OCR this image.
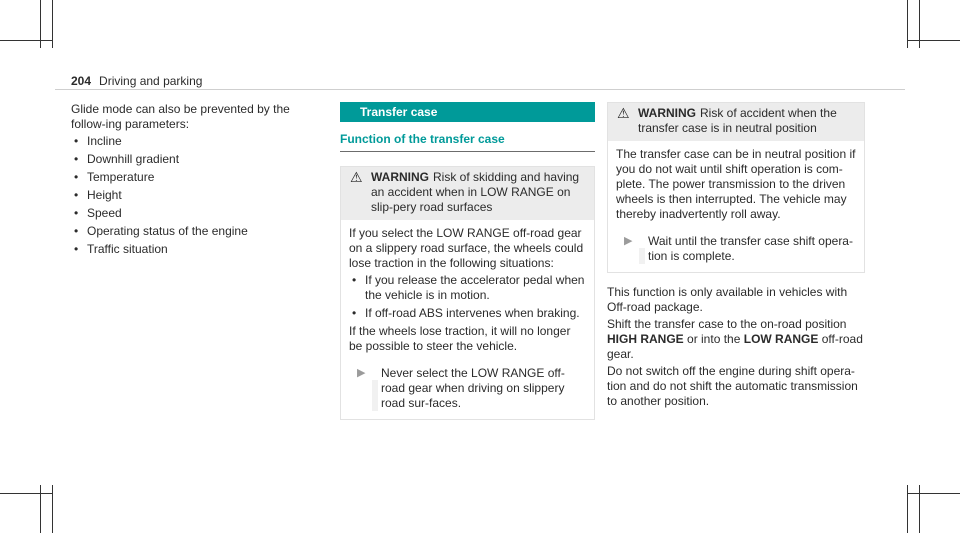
204 Driving and parking

Glide mode can also be prevented by the follow-ing parameters:

• Incline
• Downhill gradient
• Temperature
• Height
• Speed
• Operating status of the engine
• Traffic situation
Transfer case
Function of the transfer case
⚠ WARNING Risk of skidding and having an accident when in LOW RANGE on slip-pery road surfaces

If you select the LOW RANGE off-road gear on a slippery road surface, the wheels could lose traction in the following situations:

• If you release the accelerator pedal when the vehicle is in motion.
• If off-road ABS intervenes when braking.

If the wheels lose traction, it will no longer be possible to steer the vehicle.

▶ Never select the LOW RANGE off-road gear when driving on slippery road sur-faces.
⚠ WARNING Risk of accident when the transfer case is in neutral position

The transfer case can be in neutral position if you do not wait until shift operation is com-plete. The power transmission to the driven wheels is then interrupted. The vehicle may thereby inadvertently roll away.

▶ Wait until the transfer case shift opera-tion is complete.

This function is only available in vehicles with Off-road package.

Shift the transfer case to the on-road position HIGH RANGE or into the LOW RANGE off-road gear.

Do not switch off the engine during shift opera-tion and do not shift the automatic transmission to another position.
